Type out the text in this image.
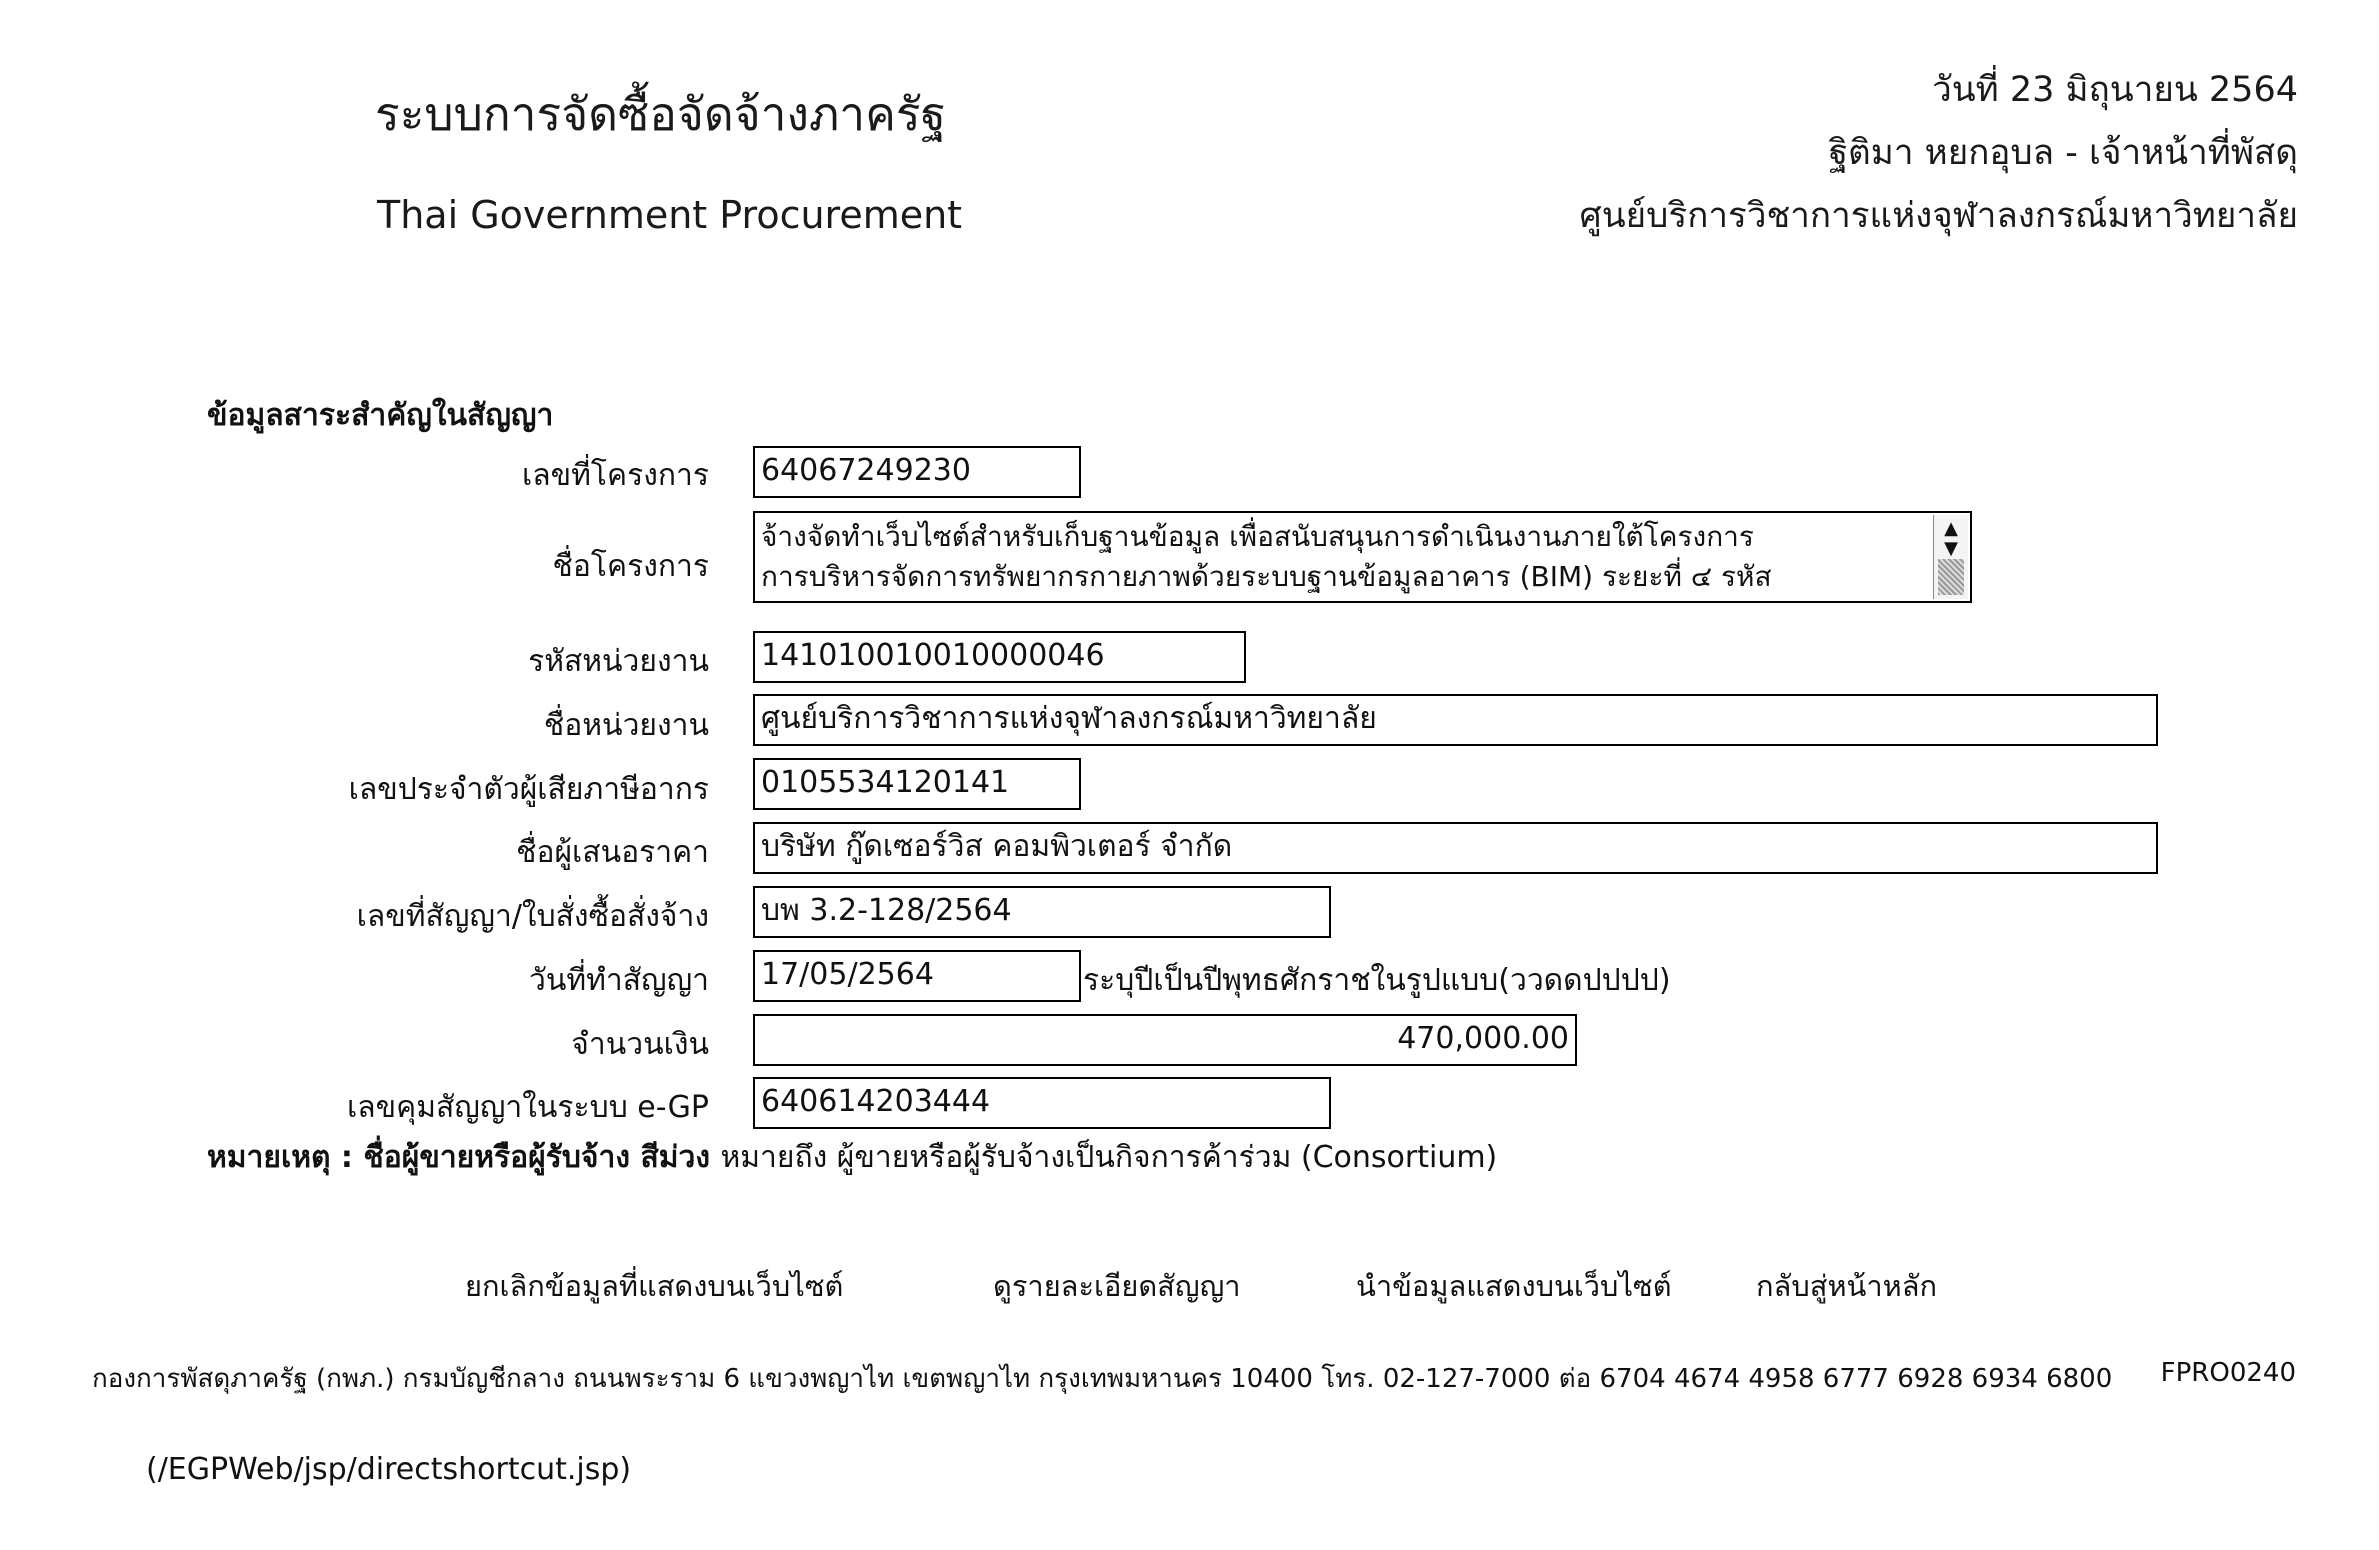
ระบบการจัดซื้อจัดจ้างภาครัฐ
Thai Government Procurement
วันที่ 23 มิถุนายน 2564
ฐิติมา หยกอุบล - เจ้าหน้าที่พัสดุ
ศูนย์บริการวิชาการแห่งจุฬาลงกรณ์มหาวิทยาลัย
ข้อมูลสาระสำคัญในสัญญา
เลขที่โครงการ 64067249230
ชื่อโครงการ
จ้างจัดทำเว็บไซต์สำหรับเก็บฐานข้อมูล เพื่อสนับสนุนการดำเนินงานภายใต้โครงการ
การบริหารจัดการทรัพยากรกายภาพด้วยระบบฐานข้อมูลอาคาร (BIM) ระยะที่ ๔ รหัส
▲
▼
รหัสหน่วยงาน 141010010010000046
ชื่อหน่วยงาน ศูนย์บริการวิชาการแห่งจุฬาลงกรณ์มหาวิทยาลัย
เลขประจำตัวผู้เสียภาษีอากร 0105534120141
ชื่อผู้เสนอราคา บริษัท กู๊ดเซอร์วิส คอมพิวเตอร์ จำกัด
เลขที่สัญญา/ใบสั่งซื้อสั่งจ้าง บพ 3.2-128/2564
วันที่ทำสัญญา 17/05/2564	ระบุปีเป็นปีพุทธศักราชในรูปแบบ(ววดดปปปป)
จำนวนเงิน	470,000.00
เลขคุมสัญญาในระบบ e-GP 640614203444
หมายเหตุ : ชื่อผู้ขายหรือผู้รับจ้าง สีม่วง หมายถึง ผู้ขายหรือผู้รับจ้างเป็นกิจการค้าร่วม (Consortium)
ยกเลิกข้อมูลที่แสดงบนเว็บไซต์	ดูรายละเอียดสัญญา	นำข้อมูลแสดงบนเว็บไซต์	กลับสู่หน้าหลัก
กองการพัสดุภาครัฐ (กพภ.) กรมบัญชีกลาง ถนนพระราม 6 แขวงพญาไท เขตพญาไท กรุงเทพมหานคร 10400 โทร. 02-127-7000 ต่อ 6704 4674 4958 6777 6928 6934 6800 FPRO0240
(/EGPWeb/jsp/directshortcut.jsp)
